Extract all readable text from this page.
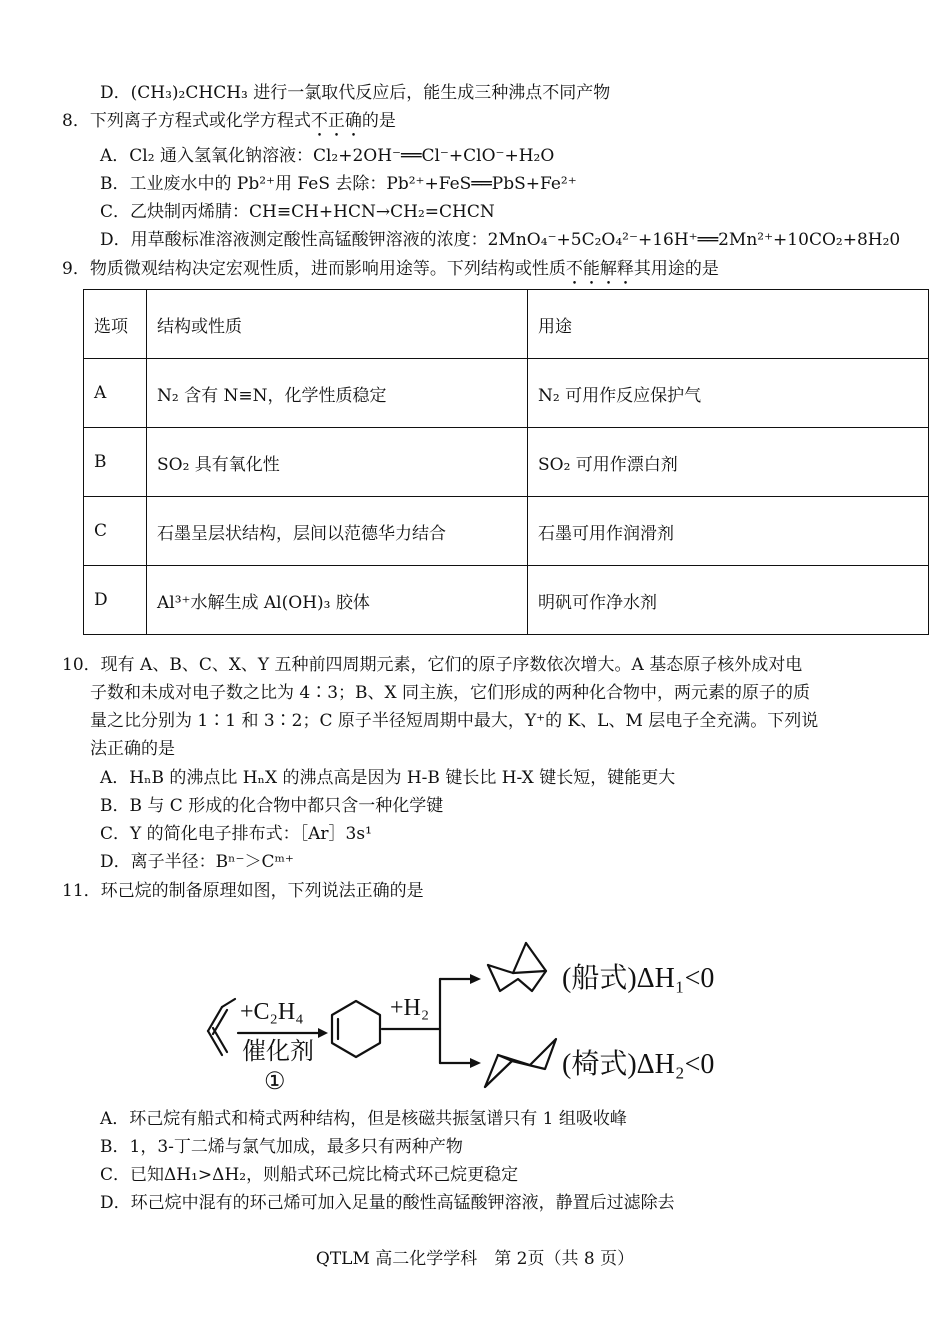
D．(CH₃)₂CHCH₃ 进行一氯取代反应后，能生成三种沸点不同产物
8．下列离子方程式或化学方程式不正确的是
A．Cl₂ 通入氢氧化钠溶液：Cl₂+2OH⁻══Cl⁻+ClO⁻+H₂O
B．工业废水中的 Pb²⁺用 FeS 去除：Pb²⁺+FeS══PbS+Fe²⁺
C．乙炔制丙烯腈：CH≡CH+HCN→CH₂=CHCN
D．用草酸标准溶液测定酸性高锰酸钾溶液的浓度：2MnO₄⁻+5C₂O₄²⁻+16H⁺══2Mn²⁺+10CO₂+8H₂0
9．物质微观结构决定宏观性质，进而影响用途等。下列结构或性质不能解释其用途的是
选项	结构或性质	用途
A	N₂ 含有 N≡N，化学性质稳定	N₂ 可用作反应保护气
B	SO₂ 具有氧化性	SO₂ 可用作漂白剂
C	石墨呈层状结构，层间以范德华力结合	石墨可用作润滑剂
D	Al³⁺水解生成 Al(OH)₃ 胶体	明矾可作净水剂
10．现有 A、B、C、X、Y 五种前四周期元素，它们的原子序数依次增大。A 基态原子核外成对电
子数和未成对电子数之比为 4∶3；B、X 同主族，它们形成的两种化合物中，两元素的原子的质
量之比分别为 1∶1 和 3∶2；C 原子半径短周期中最大，Y⁺的 K、L、M 层电子全充满。下列说
法正确的是
A．HₙB 的沸点比 HₙX 的沸点高是因为 H-B 键长比 H-X 键长短，键能更大
B．B 与 C 形成的化合物中都只含一种化学键
C．Y 的简化电子排布式：［Ar］3s¹
D．离子半径：Bⁿ⁻＞Cᵐ⁺
11．环己烷的制备原理如图，下列说法正确的是
+C₂H₄
催化剂
①
+H₂
(船式)ΔH₁<0
(椅式)ΔH₂<0
A．环己烷有船式和椅式两种结构，但是核磁共振氢谱只有 1 组吸收峰
B．1，3-丁二烯与氯气加成，最多只有两种产物
C．已知ΔH₁>ΔH₂，则船式环己烷比椅式环己烷更稳定
D．环己烷中混有的环己烯可加入足量的酸性高锰酸钾溶液，静置后过滤除去
QTLM 高二化学学科　第 2页（共 8 页）
